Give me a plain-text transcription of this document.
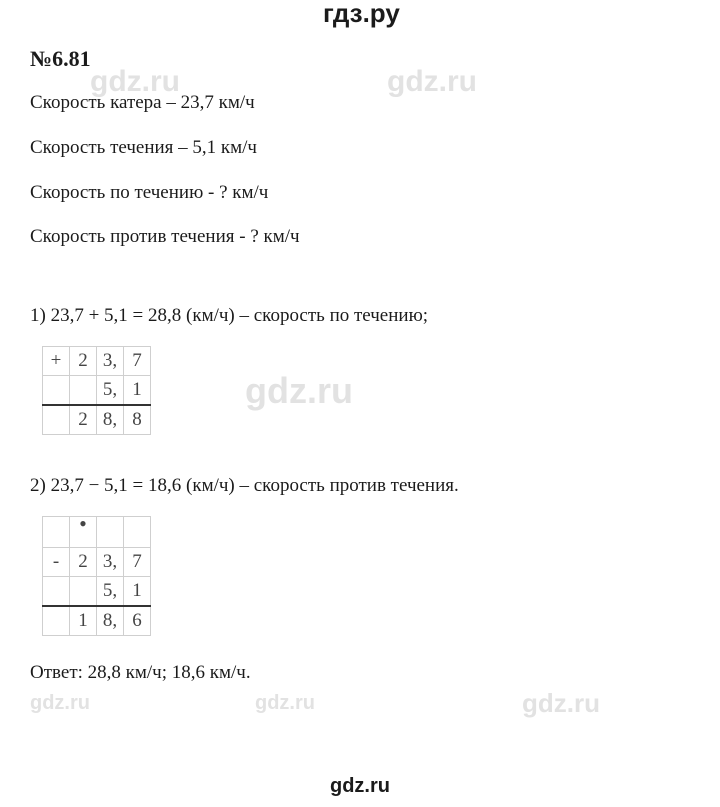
гдз.ру
gdz.ru	gdz.ru
gdz.ru
gdz.ru	gdz.ru	gdz.ru
gdz.ru
№6.81
Скорость катера – 23,7 км/ч
Скорость течения – 5,1 км/ч
Скорость по течению - ? км/ч
Скорость против течения - ? км/ч
1) 23,7 + 5,1 = 28,8 (км/ч) – скорость по течению;
+	2	3,	7
		5,	1
	2	8,	8
2) 23,7 − 5,1 = 18,6 (км/ч) – скорость против течения.
	•		
-	2	3,	7
		5,	1
	1	8,	6
Ответ: 28,8 км/ч; 18,6 км/ч.
